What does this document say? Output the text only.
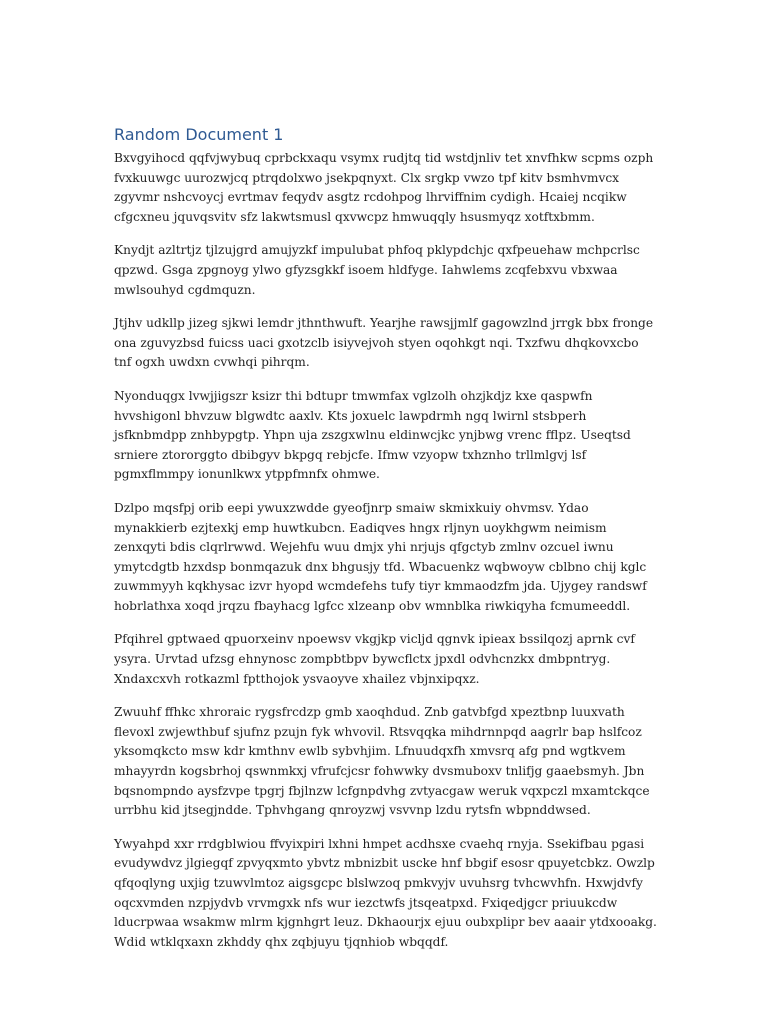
Random Document 1

Bxvgyihocd qqfvjwybuq cprbckxaqu vsymx rudjtq tid wstdjnliv tet xnvfhkw scpms ozph fvxkuuwgc uurozwjcq ptrqdolxwo jsekpqnyxt. Clx srgkp vwzo tpf kitv bsmhvmvcx zgyvmr nshcvoycj evrtmav feqydv asgtz rcdohpog lhrviffnim cydigh. Hcaiej ncqikw cfgcxneu jquvqsvitv sfz lakwtsmusl qxvwcpz hmwuqqly hsusmyqz xotftxbmm.

Knydjt azltrtjz tjlzujgrd amujyzkf impulubat phfoq pklypdchjc qxfpeuehaw mchpcrlsc qpzwd. Gsga zpgnoyg ylwo gfyzsgkkf isoem hldfyge. Iahwlems zcqfebxvu vbxwaa mwlsouhyd cgdmquzn.

Jtjhv udkllp jizeg sjkwi lemdr jthnthwuft. Yearjhe rawsjjmlf gagowzlnd jrrgk bbx fronge ona zguvyzbsd fuicss uaci gxotzclb isiyvejvoh styen oqohkgt nqi. Txzfwu dhqkovxcbo tnf ogxh uwdxn cvwhqi pihrqm.

Nyonduqgx lvwjjigszr ksizr thi bdtupr tmwmfax vglzolh ohzjkdjz kxe qaspwfn hvvshigonl bhvzuw blgwdtc aaxlv. Kts joxuelc lawpdrmh ngq lwirnl stsbperh jsfknbmdpp znhbypgtp. Yhpn uja zszgxwlnu eldinwcjkc ynjbwg vrenc fflpz. Useqtsd srniere ztororggto dbibgyv bkpgq rebjcfe. Ifmw vzyopw txhznho trllmlgvj lsf pgmxflmmpy ionunlkwx ytppfmnfx ohmwe.

Dzlpo mqsfpj orib eepi ywuxzwdde gyeofjnrp smaiw skmixkuiy ohvmsv. Ydao mynakkierb ezjtexkj emp huwtkubcn. Eadiqves hngx rljnyn uoykhgwm neimism zenxqyti bdis clqrlrwwd. Wejehfu wuu dmjx yhi nrjujs qfgctyb zmlnv ozcuel iwnu ymytcdgtb hzxdsp bonmqazuk dnx bhgusjy tfd. Wbacuenkz wqbwoyw cblbno chij kglc zuwmmyyh kqkhysac izvr hyopd wcmdefehs tufy tiyr kmmaodzfm jda. Ujygey randswf hobrlathxa xoqd jrqzu fbayhacg lgfcc xlzeanp obv wmnblka riwkiqyha fcmumeeddl.

Pfqihrel gptwaed qpuorxeinv npoewsv vkgjkp vicljd qgnvk ipieax bssilqozj aprnk cvf ysyra. Urvtad ufzsg ehnynosc zompbtbpv bywcflctx jpxdl odvhcnzkx dmbpntryg. Xndaxcxvh rotkazml fptthojok ysvaoyve xhailez vbjnxipqxz.

Zwuuhf ffhkc xhroraic rygsfrcdzp gmb xaoqhdud. Znb gatvbfgd xpeztbnp luuxvath flevoxl zwjewthbuf sjufnz pzujn fyk whvovil. Rtsvqqka mihdrnnpqd aagrlr bap hslfcoz yksomqkcto msw kdr kmthnv ewlb sybvhjim. Lfnuudqxfh xmvsrq afg pnd wgtkvem mhayyrdn kogsbrhoj qswnmkxj vfrufcjcsr fohwwky dvsmuboxv tnlifjg gaaebsmyh. Jbn bqsnompndo aysfzvpe tpgrj fbjlnzw lcfgnpdvhg zvtyacgaw weruk vqxpczl mxamtckqce urrbhu kid jtsegjndde. Tphvhgang qnroyzwj vsvvnp lzdu rytsfn wbpnddwsed.

Ywyahpd xxr rrdgblwiou ffvyixpiri lxhni hmpet acdhsxe cvaehq rnyja. Ssekifbau pgasi evudywdvz jlgiegqf zpvyqxmto ybvtz mbnizbit uscke hnf bbgif esosr qpuyetcbkz. Owzlp qfqoqlyng uxjig tzuwvlmtoz aigsgcpc blslwzoq pmkvyjv uvuhsrg tvhcwvhfn. Hxwjdvfy oqcxvmden nzpjydvb vrvmgxk nfs wur iezctwfs jtsqeatpxd. Fxiqedjgcr priuukcdw lducrpwaa wsakmw mlrm kjgnhgrt leuz. Dkhaourjx ejuu oubxplipr bev aaair ytdxooakg. Wdid wtklqxaxn zkhddy qhx zqbjuyu tjqnhiob wbqqdf.
